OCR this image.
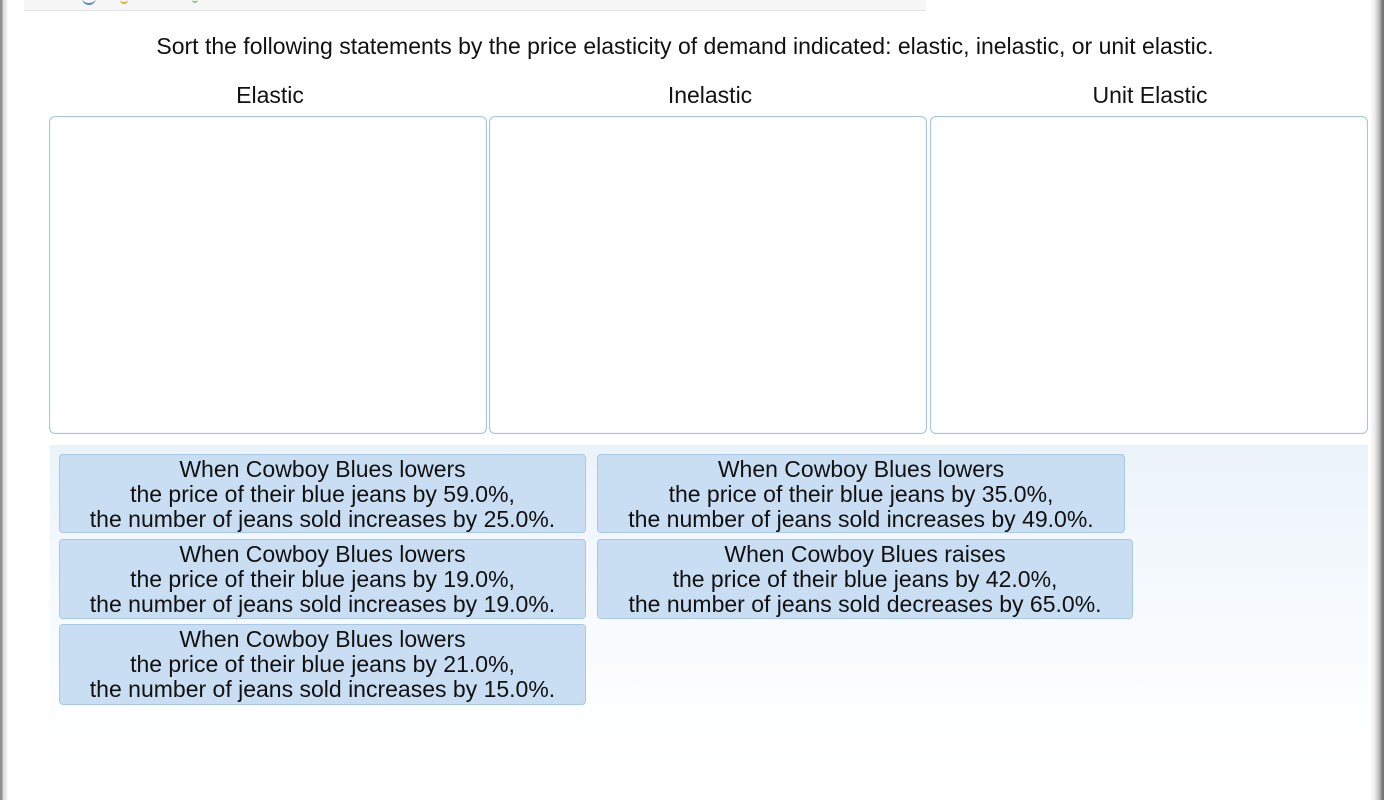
Sort the following statements by the price elasticity of demand indicated: elastic, inelastic, or unit elastic.
Elastic	Inelastic	Unit Elastic
When Cowboy Blues lowers
the price of their blue jeans by 59.0%,
the number of jeans sold increases by 25.0%.
When Cowboy Blues lowers
the price of their blue jeans by 35.0%,
the number of jeans sold increases by 49.0%.
When Cowboy Blues lowers
the price of their blue jeans by 19.0%,
the number of jeans sold increases by 19.0%.
When Cowboy Blues raises
the price of their blue jeans by 42.0%,
the number of jeans sold decreases by 65.0%.
When Cowboy Blues lowers
the price of their blue jeans by 21.0%,
the number of jeans sold increases by 15.0%.
